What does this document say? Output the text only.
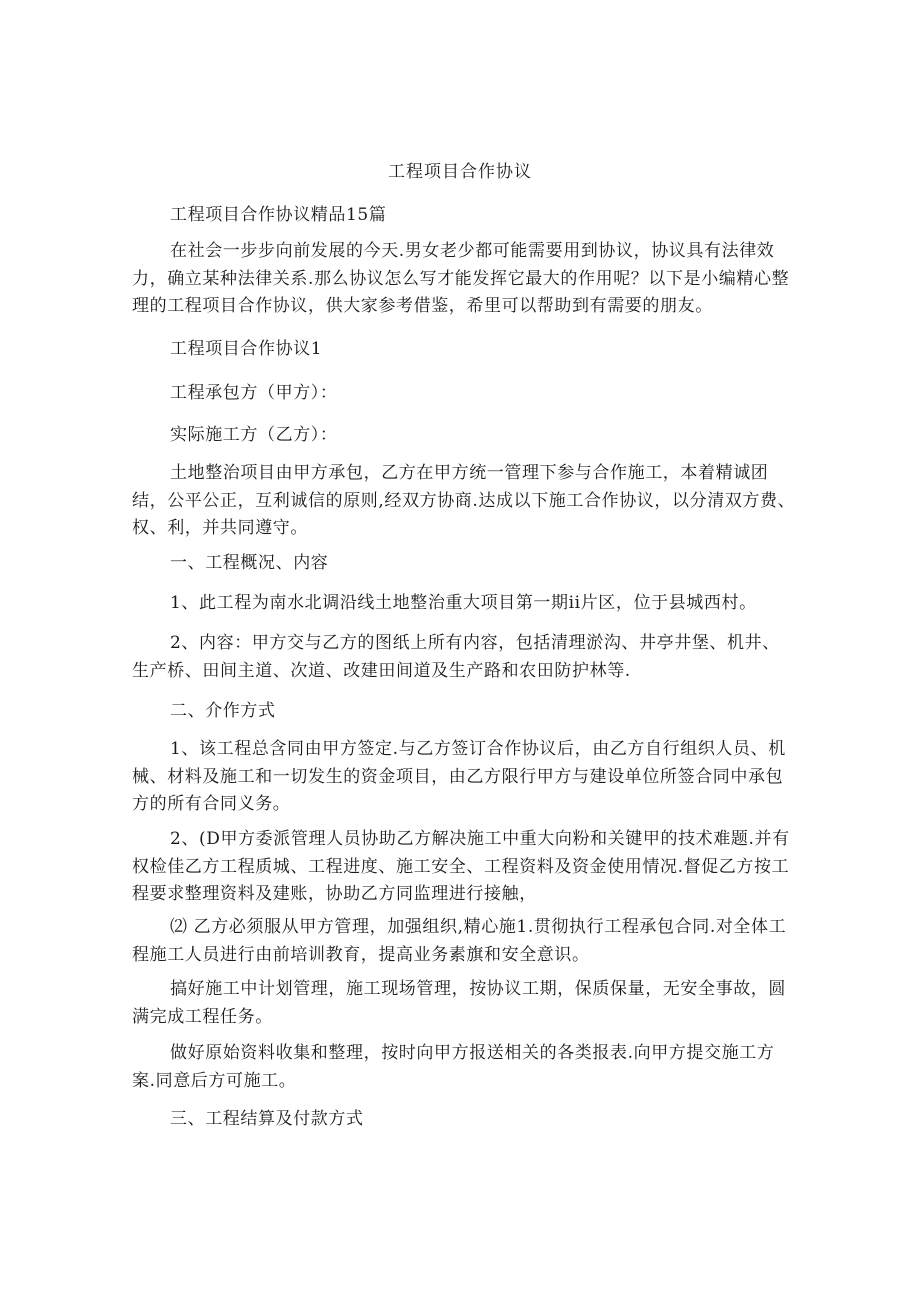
工程项目合作协议

工程项目合作协议精品15篇

在社会一步步向前发展的今天.男女老少都可能需要用到协议，协议具有法律效力，确立某种法律关系.那么协议怎么写才能发挥它最大的作用呢？以下是小编精心整理的工程项目合作协议，供大家参考借鉴，希里可以帮助到有需要的朋友。

工程项目合作协议1

工程承包方（甲方）：

实际施工方（乙方）：

土地整治项目由甲方承包，乙方在甲方统一管理下参与合作施工，本着精诚团结，公平公正，互利诚信的原则,经双方协商.达成以下施工合作协议，以分清双方费、权、利，并共同遵守。

一、工程概况、内容

1、此工程为南水北调沿线土地整治重大项目第一期ii片区，位于县城西村。

2、内容：甲方交与乙方的图纸上所有内容，包括清理淤沟、井亭井堡、机井、生产桥、田间主道、次道、改建田间道及生产路和农田防护林等.

二、介作方式

1、该工程总含同由甲方签定.与乙方签订合作协议后，由乙方自行组织人员、机械、材料及施工和一切发生的资金项目，由乙方限行甲方与建设单位所签合同中承包方的所有合同义务。

2、(D甲方委派管理人员协助乙方解决施工中重大向粉和关键甲的技术难题.并有权检佳乙方工程质城、工程进度、施工安全、工程资料及资金使用情况.督促乙方按工程要求整理资料及建账，协助乙方同监理进行接触，

⑵ 乙方必须服从甲方管理，加强组织,精心施1.贯彻执行工程承包合同.对全体工程施工人员进行由前培训教育，提高业务素旗和安全意识。

搞好施工中计划管理，施工现场管理，按协议工期，保质保量，无安全事故，圆满完成工程任务。

做好原始资料收集和整理，按时向甲方报送相关的各类报表.向甲方提交施工方案.同意后方可施工。

三、工程结算及付款方式
